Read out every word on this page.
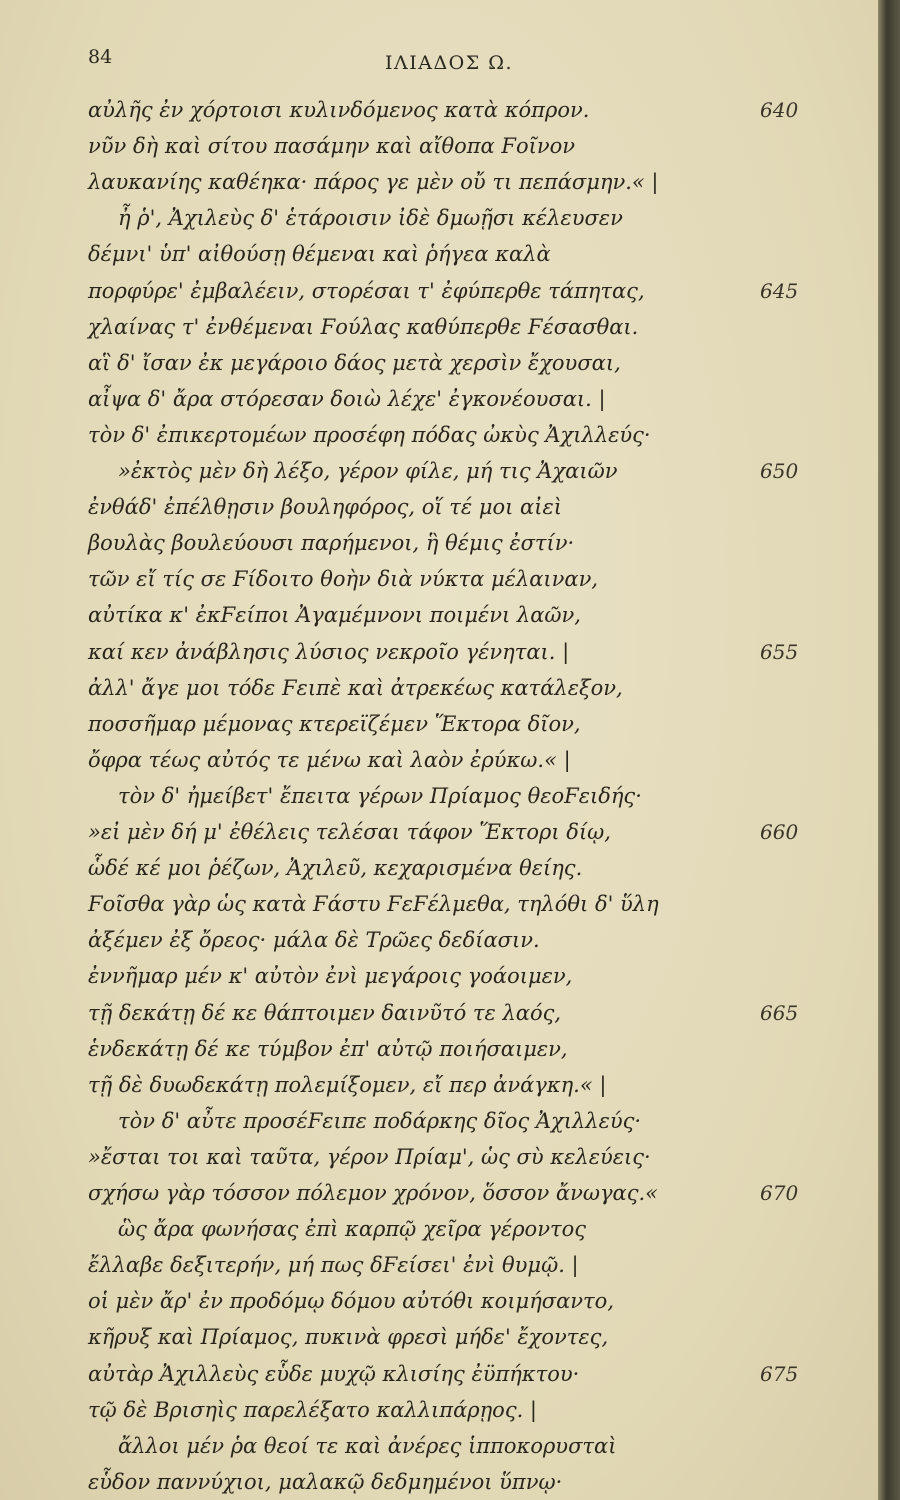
84	ΙΛΙΑΔΟΣ Ω.
αὐλῆς ἐν χόρτοισι κυλινδόμενος κατὰ κόπρον.
νῦν δὴ καὶ σίτου πασάμην καὶ αἴθοπα Ϝοῖνον
λαυκανίης καθέηκα· πάρος γε μὲν οὔ τι πεπάσμην.« |
ἦ ῥ', Ἀχιλεὺς δ' ἑτάροισιν ἰδὲ δμωῇσι κέλευσεν
δέμνι' ὑπ' αἰθούσῃ θέμεναι καὶ ῥήγεα καλὰ
πορφύρε' ἐμβαλέειν, στορέσαι τ' ἐφύπερθε τάπητας,
χλαίνας τ' ἐνθέμεναι Ϝούλας καθύπερθε Ϝέσασθαι.
αἳ δ' ἴσαν ἐκ μεγάροιο δάος μετὰ χερσὶν ἔχουσαι,
αἶψα δ' ἄρα στόρεσαν δοιὼ λέχε' ἐγκονέουσαι. |
τὸν δ' ἐπικερτομέων προσέφη πόδας ὠκὺς Ἀχιλλεύς·
»ἐκτὸς μὲν δὴ λέξο, γέρον φίλε, μή τις Ἀχαιῶν
ἐνθάδ' ἐπέλθῃσιν βουληφόρος, οἵ τέ μοι αἰεὶ
βουλὰς βουλεύουσι παρήμενοι, ἣ θέμις ἐστίν·
τῶν εἴ τίς σε Ϝίδοιτο θοὴν διὰ νύκτα μέλαιναν,
αὐτίκα κ' ἐκϜείποι Ἀγαμέμνονι ποιμένι λαῶν,
καί κεν ἀνάβλησις λύσιος νεκροῖο γένηται. |
ἀλλ' ἄγε μοι τόδε Ϝειπὲ καὶ ἀτρεκέως κατάλεξον,
ποσσῆμαρ μέμονας κτερεϊζέμεν Ἕκτορα δῖον,
ὄφρα τέως αὐτός τε μένω καὶ λαὸν ἐρύκω.« |
τὸν δ' ἠμείβετ' ἔπειτα γέρων Πρίαμος θεοϜειδής·
»εἰ μὲν δή μ' ἐθέλεις τελέσαι τάφον Ἕκτορι δίῳ,
ὧδέ κέ μοι ῥέζων, Ἀχιλεῦ, κεχαρισμένα θείης.
Ϝοῖσθα γὰρ ὡς κατὰ Ϝάστυ ϜεϜέλμεθα, τηλόθι δ' ὕλη
ἀξέμεν ἐξ ὄρεος· μάλα δὲ Τρῶες δεδίασιν.
ἐννῆμαρ μέν κ' αὐτὸν ἐνὶ μεγάροις γοάοιμεν,
τῇ δεκάτῃ δέ κε θάπτοιμεν δαινῦτό τε λαός,
ἑνδεκάτῃ δέ κε τύμβον ἐπ' αὐτῷ ποιήσαιμεν,
τῇ δὲ δυωδεκάτῃ πολεμίξομεν, εἴ περ ἀνάγκη.« |
τὸν δ' αὖτε προσέϜειπε ποδάρκης δῖος Ἀχιλλεύς·
»ἔσται τοι καὶ ταῦτα, γέρον Πρίαμ', ὡς σὺ κελεύεις·
σχήσω γὰρ τόσσον πόλεμον χρόνον, ὅσσον ἄνωγας.«
ὣς ἄρα φωνήσας ἐπὶ καρπῷ χεῖρα γέροντος
ἔλλαβε δεξιτερήν, μή πως δϜείσει' ἐνὶ θυμῷ. |
οἱ μὲν ἄρ' ἐν προδόμῳ δόμου αὐτόθι κοιμήσαντο,
κῆρυξ καὶ Πρίαμος, πυκινὰ φρεσὶ μήδε' ἔχοντες,
αὐτὰρ Ἀχιλλεὺς εὗδε μυχῷ κλισίης ἐϋπήκτου·
τῷ δὲ Βρισηὶς παρελέξατο καλλιπάρῃος. |
ἄλλοι μέν ῥα θεοί τε καὶ ἀνέρες ἱπποκορυσταὶ
εὗδον παννύχιοι, μαλακῷ δεδμημένοι ὕπνῳ·
640
645
650
655
660
665
670
675
